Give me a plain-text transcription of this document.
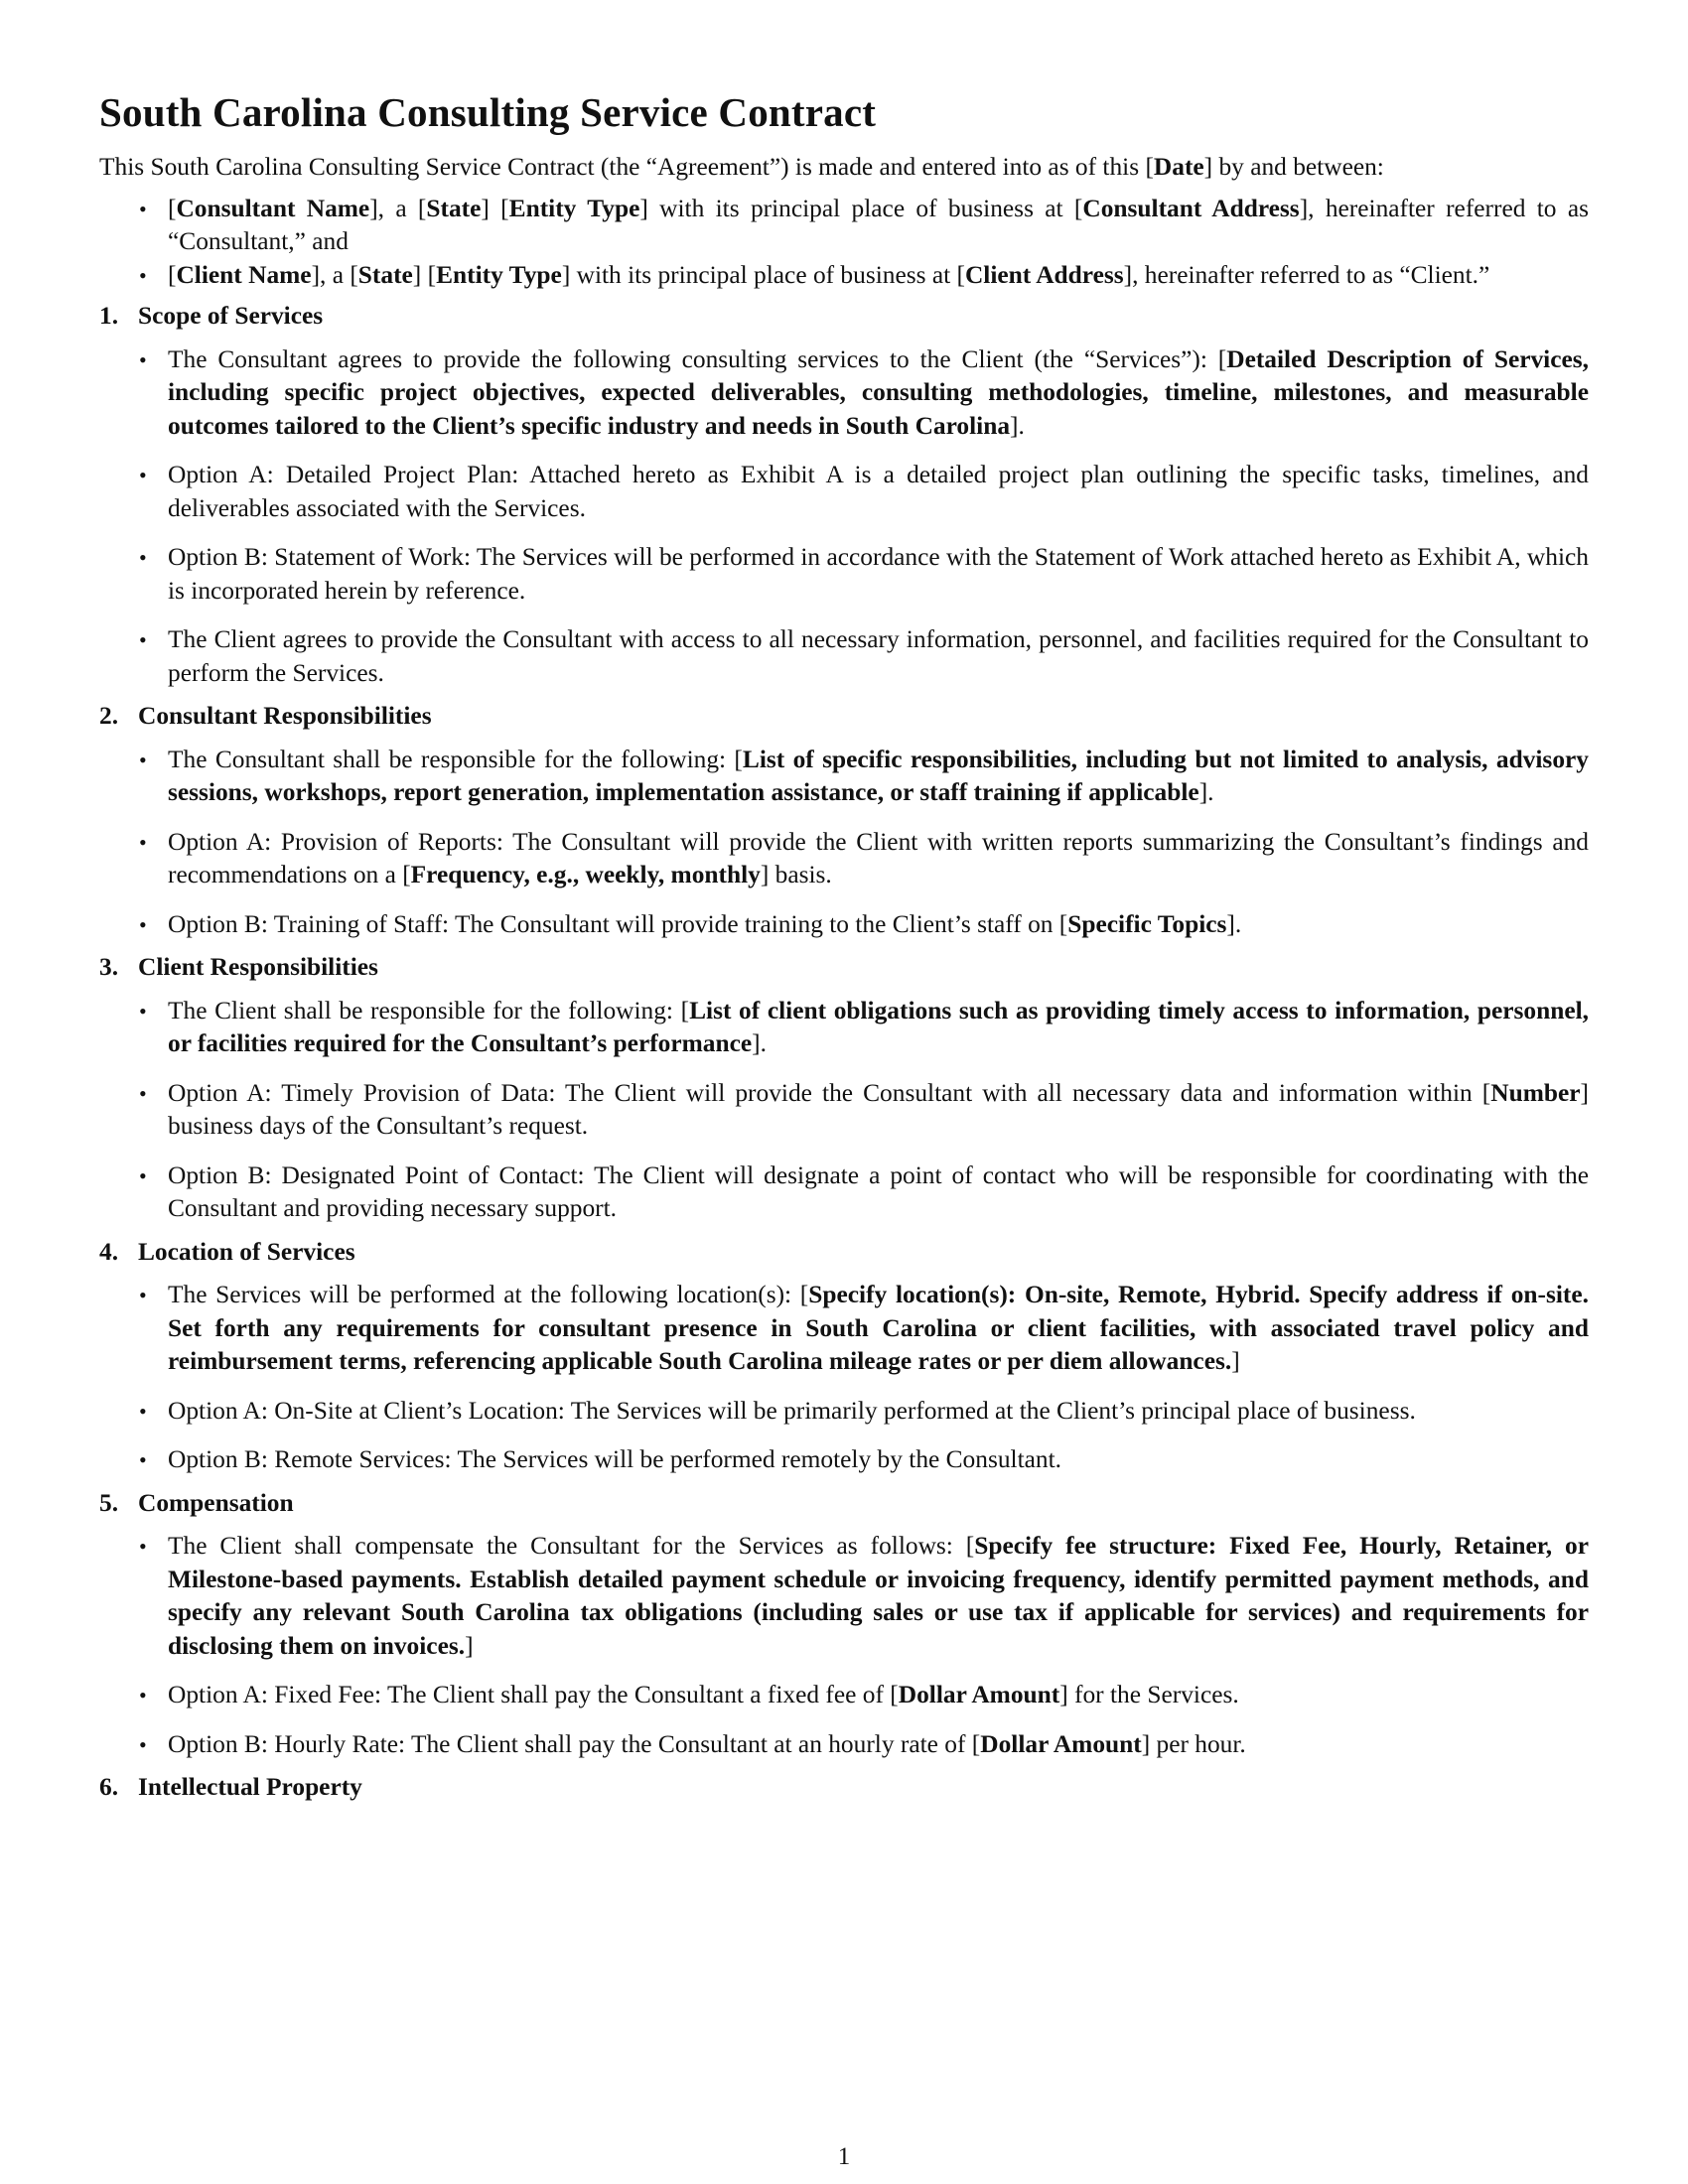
South Carolina Consulting Service Contract

This South Carolina Consulting Service Contract (the “Agreement”) is made and entered into as of this [Date] by and between:

• [Consultant Name], a [State] [Entity Type] with its principal place of business at [Consultant Address], hereinafter referred to as “Consultant,” and
• [Client Name], a [State] [Entity Type] with its principal place of business at [Client Address], hereinafter referred to as “Client.”
1. Scope of Services
• The Consultant agrees to provide the following consulting services to the Client (the “Services”): [Detailed Description of Services, including specific project objectives, expected deliverables, consulting methodologies, timeline, milestones, and measurable outcomes tailored to the Client’s specific industry and needs in South Carolina].
• Option A: Detailed Project Plan: Attached hereto as Exhibit A is a detailed project plan outlining the specific tasks, timelines, and deliverables associated with the Services.
• Option B: Statement of Work: The Services will be performed in accordance with the Statement of Work attached hereto as Exhibit A, which is incorporated herein by reference.
• The Client agrees to provide the Consultant with access to all necessary information, personnel, and facilities required for the Consultant to perform the Services.
2. Consultant Responsibilities
• The Consultant shall be responsible for the following: [List of specific responsibilities, including but not limited to analysis, advisory sessions, workshops, report generation, implementation assistance, or staff training if applicable].
• Option A: Provision of Reports: The Consultant will provide the Client with written reports summarizing the Consultant’s findings and recommendations on a [Frequency, e.g., weekly, monthly] basis.
• Option B: Training of Staff: The Consultant will provide training to the Client’s staff on [Specific Topics].
3. Client Responsibilities
• The Client shall be responsible for the following: [List of client obligations such as providing timely access to information, personnel, or facilities required for the Consultant’s performance].
• Option A: Timely Provision of Data: The Client will provide the Consultant with all necessary data and information within [Number] business days of the Consultant’s request.
• Option B: Designated Point of Contact: The Client will designate a point of contact who will be responsible for coordinating with the Consultant and providing necessary support.
4. Location of Services
• The Services will be performed at the following location(s): [Specify location(s): On-site, Remote, Hybrid. Specify address if on-site. Set forth any requirements for consultant presence in South Carolina or client facilities, with associated travel policy and reimbursement terms, referencing applicable South Carolina mileage rates or per diem allowances.]
• Option A: On-Site at Client’s Location: The Services will be primarily performed at the Client’s principal place of business.
• Option B: Remote Services: The Services will be performed remotely by the Consultant.
5. Compensation
• The Client shall compensate the Consultant for the Services as follows: [Specify fee structure: Fixed Fee, Hourly, Retainer, or Milestone-based payments. Establish detailed payment schedule or invoicing frequency, identify permitted payment methods, and specify any relevant South Carolina tax obligations (including sales or use tax if applicable for services) and requirements for disclosing them on invoices.]
• Option A: Fixed Fee: The Client shall pay the Consultant a fixed fee of [Dollar Amount] for the Services.
• Option B: Hourly Rate: The Client shall pay the Consultant at an hourly rate of [Dollar Amount] per hour.
6. Intellectual Property
1
